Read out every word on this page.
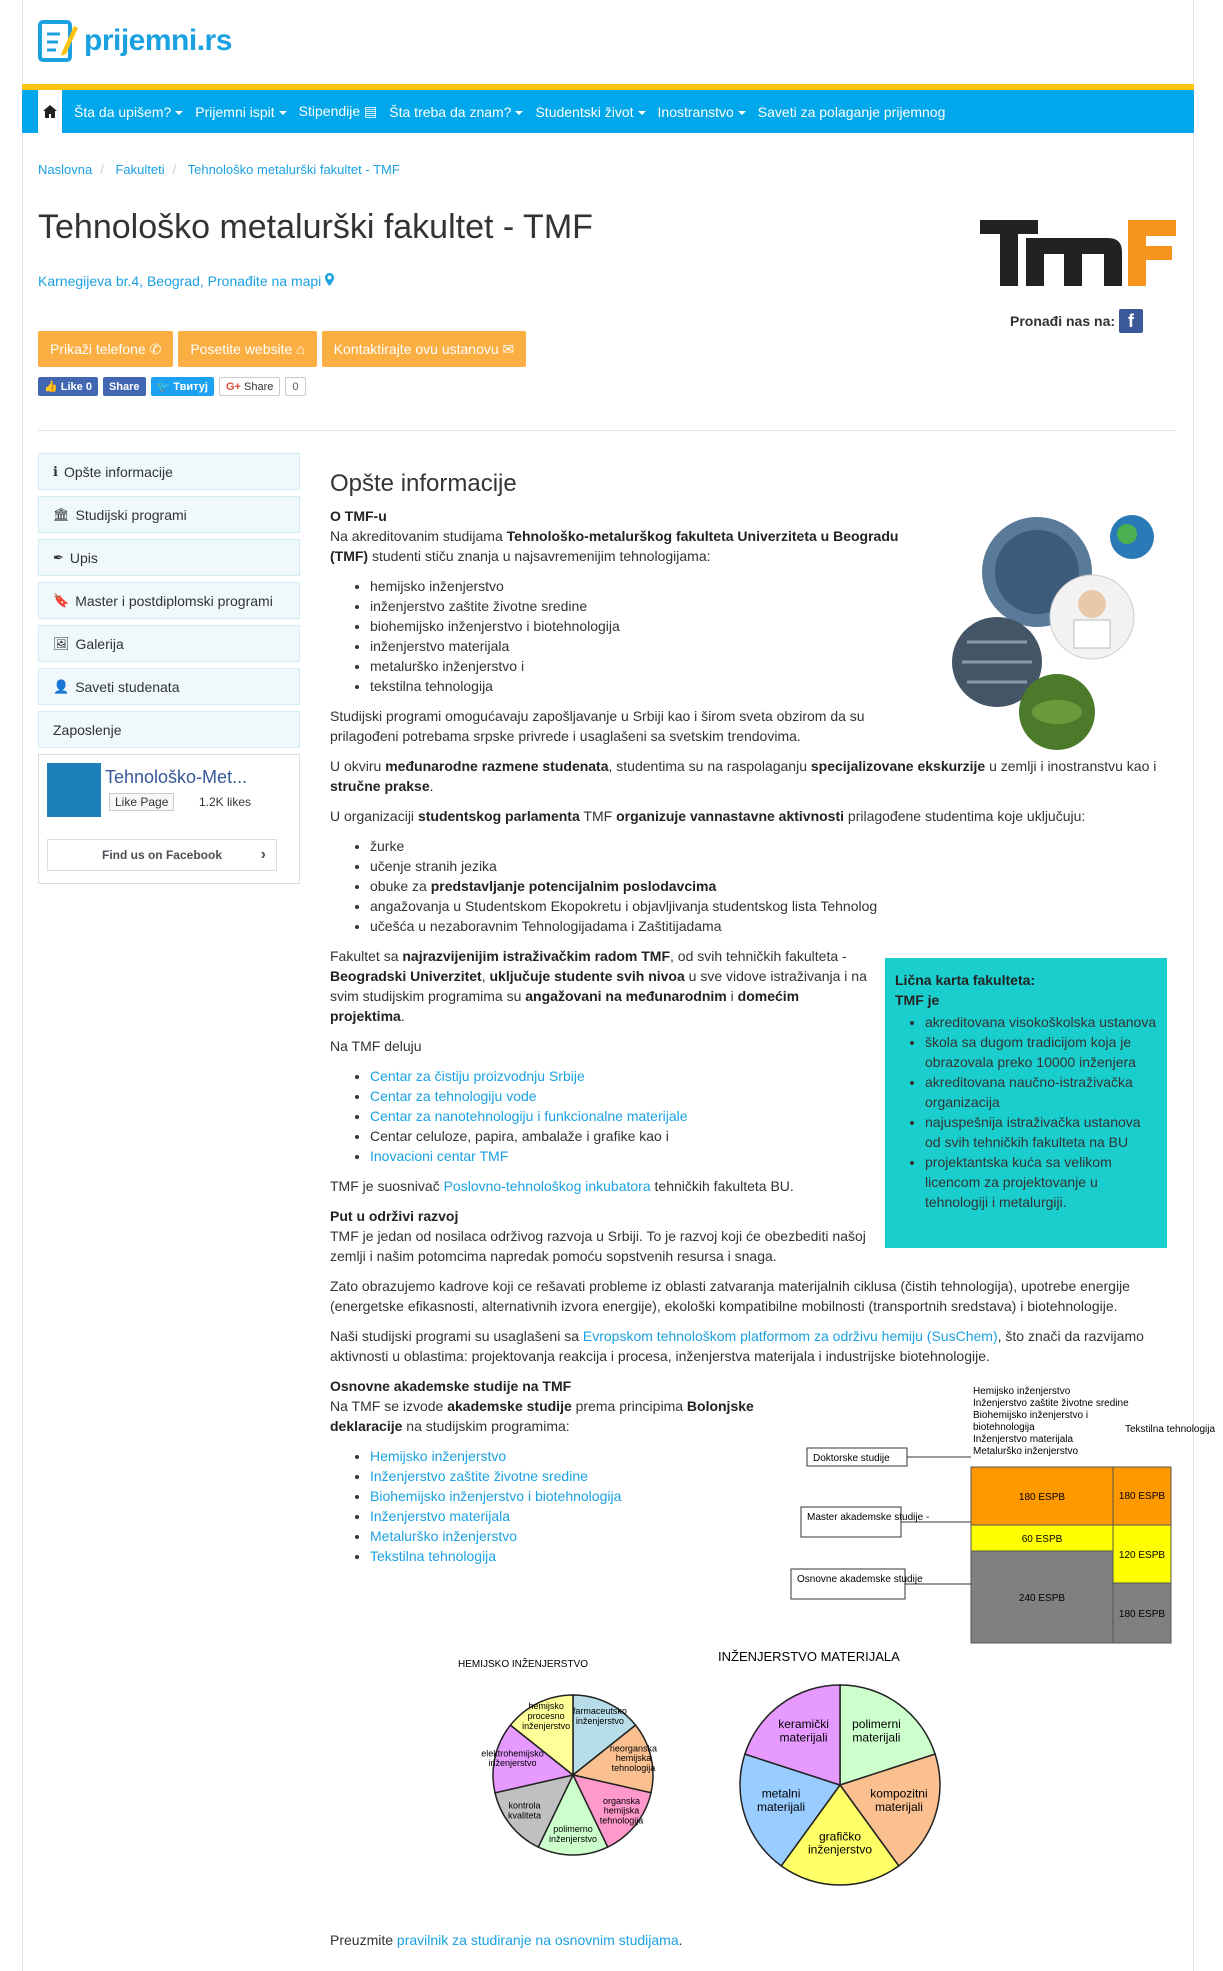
prijemni.rs
Šta da upišem?	Prijemni ispit	Stipendije ▤ Šta treba da znam?	Studentski život	Inostranstvo	Saveti za polaganje prijemnog
Naslovna / Fakulteti / Tehnološko metalurški fakultet - TMF
Tehnološko metalurški fakultet - TMF
Karnegijeva br.4, Beograd, Pronađite na mapi
Pronađi nas na: f
Prikaži telefone
✆ Posetite website
⌂ Kontaktirajte ovu ustanovu
✉
👍
Like 0	Share	🐦
Твитуј G+
Share	0
ℹ Opšte informacije
🏛 Studijski programi
✒ Upis
🔖 Master i postdiplomski programi
🖼 Galerija
👤 Saveti studenata
Zaposlenje
Tehnološko-Met...
Like Page	1.2K likes
Find us on Facebook ›
Opšte informacije

O TMF-u

Na akreditovanim studijama Tehnološko-metalurškog fakulteta Univerziteta u Beogradu (TMF) studenti stiču znanja u najsavremenijim tehnologijama:

• hemijsko inženjerstvo
• inženjerstvo zaštite životne sredine
• biohemijsko inženjerstvo i biotehnologija
• inženjerstvo materijala
• metalurško inženjerstvo i
• tekstilna tehnologija

Studijski programi omogućavaju zapošljavanje u Srbiji kao i širom sveta obzirom da su prilagođeni potrebama srpske privrede i usaglašeni sa svetskim trendovima.

U okviru međunarodne razmene studenata, studentima su na raspolaganju specijalizovane ekskurzije u zemlji i inostranstvu kao i stručne prakse.

U organizaciji studentskog parlamenta TMF organizuje vannastavne aktivnosti prilagođene studentima koje uključuju:

• žurke
• učenje stranih jezika
• obuke za predstavljanje potencijalnim poslodavcima
• angažovanja u Studentskom Ekopokretu i objavljivanja studentskog lista Tehnolog
• učešća u nezaboravnim Tehnologijadama i Zaštitijadama

Fakultet sa najrazvijenijim istraživačkim radom TMF, od svih tehničkih fakulteta - Beogradski Univerzitet, uključuje studente svih nivoa u sve vidove istraživanja i na svim studijskim programima su angažovani na međunarodnim i domećim projektima.

Na TMF deluju

• Centar za čistiju proizvodnju Srbije
• Centar za tehnologiju vode
• Centar za nanotehnologiju i funkcionalne materijale
• Centar celuloze, papira, ambalaže i grafike kao i
• Inovacioni centar TMF

TMF je suosnivač Poslovno-tehnološkog inkubatora tehničkih fakulteta BU.

Put u održivi razvoj

TMF je jedan od nosilaca održivog razvoja u Srbiji. To je razvoj koji će obezbediti našoj zemlji i našim potomcima napredak pomoću sopstvenih resursa i snaga.

Zato obrazujemo kadrove koji ce rešavati probleme iz oblasti zatvaranja materijalnih ciklusa (čistih tehnologija), upotrebe energije (energetske efikasnosti, alternativnih izvora energije), ekološki kompatibilne mobilnosti (transportnih sredstava) i biotehnologije.

Naši studijski programi su usaglašeni sa Evropskom tehnološkom platformom za održivu hemiju (SusChem), što znači da razvijamo aktivnosti u oblastima: projektovanja reakcija i procesa, inženjerstva materijala i industrijske biotehnologije.

Osnovne akademske studije na TMF

Na TMF se izvode akademske studije prema principima Bolonjske deklaracije na studijskim programima:

• Hemijsko inženjerstvo
• Inženjerstvo zaštite životne sredine
• Biohemijsko inženjerstvo i biotehnologija
• Inženjerstvo materijala
• Metalurško inženjerstvo
• Tekstilna tehnologija

Preuzmite pravilnik za studiranje na osnovnim studijama.

Lična karta fakulteta:
TMF je
• akreditovana visokoškolska ustanova
• škola sa dugom tradicijom koja je obrazovala preko 10000 inženjera
• akreditovana naučno-istraživačka organizacija
• najuspešnija istraživačka ustanova od svih tehničkih fakulteta na BU
• projektantska kuća sa velikom licencom za projektovanje u tehnologiji i metalurgiji.
Hemijsko inženjerstvo
Inženjerstvo zaštite životne sredine
Biohemijsko inženjerstvo i
biotehnologija
Inženjerstvo materijala
Metalurško inženjerstvo
Tekstilna tehnologija
180 ESPB
60 ESPB
240 ESPB
180 ESPB
120 ESPB
180 ESPB
Doktorske studije
Master akademske studije -
Osnovne akademske studije
HEMIJSKO INŽENJERSTVO
farmaceutsko inženjerstvo
neorganska hemijska tehnologija
organska hemijska tehnologija
polimerno inženjerstvo
kontrola kvaliteta
elektrohemijsko inženjerstvo
hemijsko procesno inženjerstvo
INŽENJERSTVO MATERIJALA
polimerni materijali
kompozitni materijali
grafičko inženjerstvo
metalni materijali
keramički materijali
